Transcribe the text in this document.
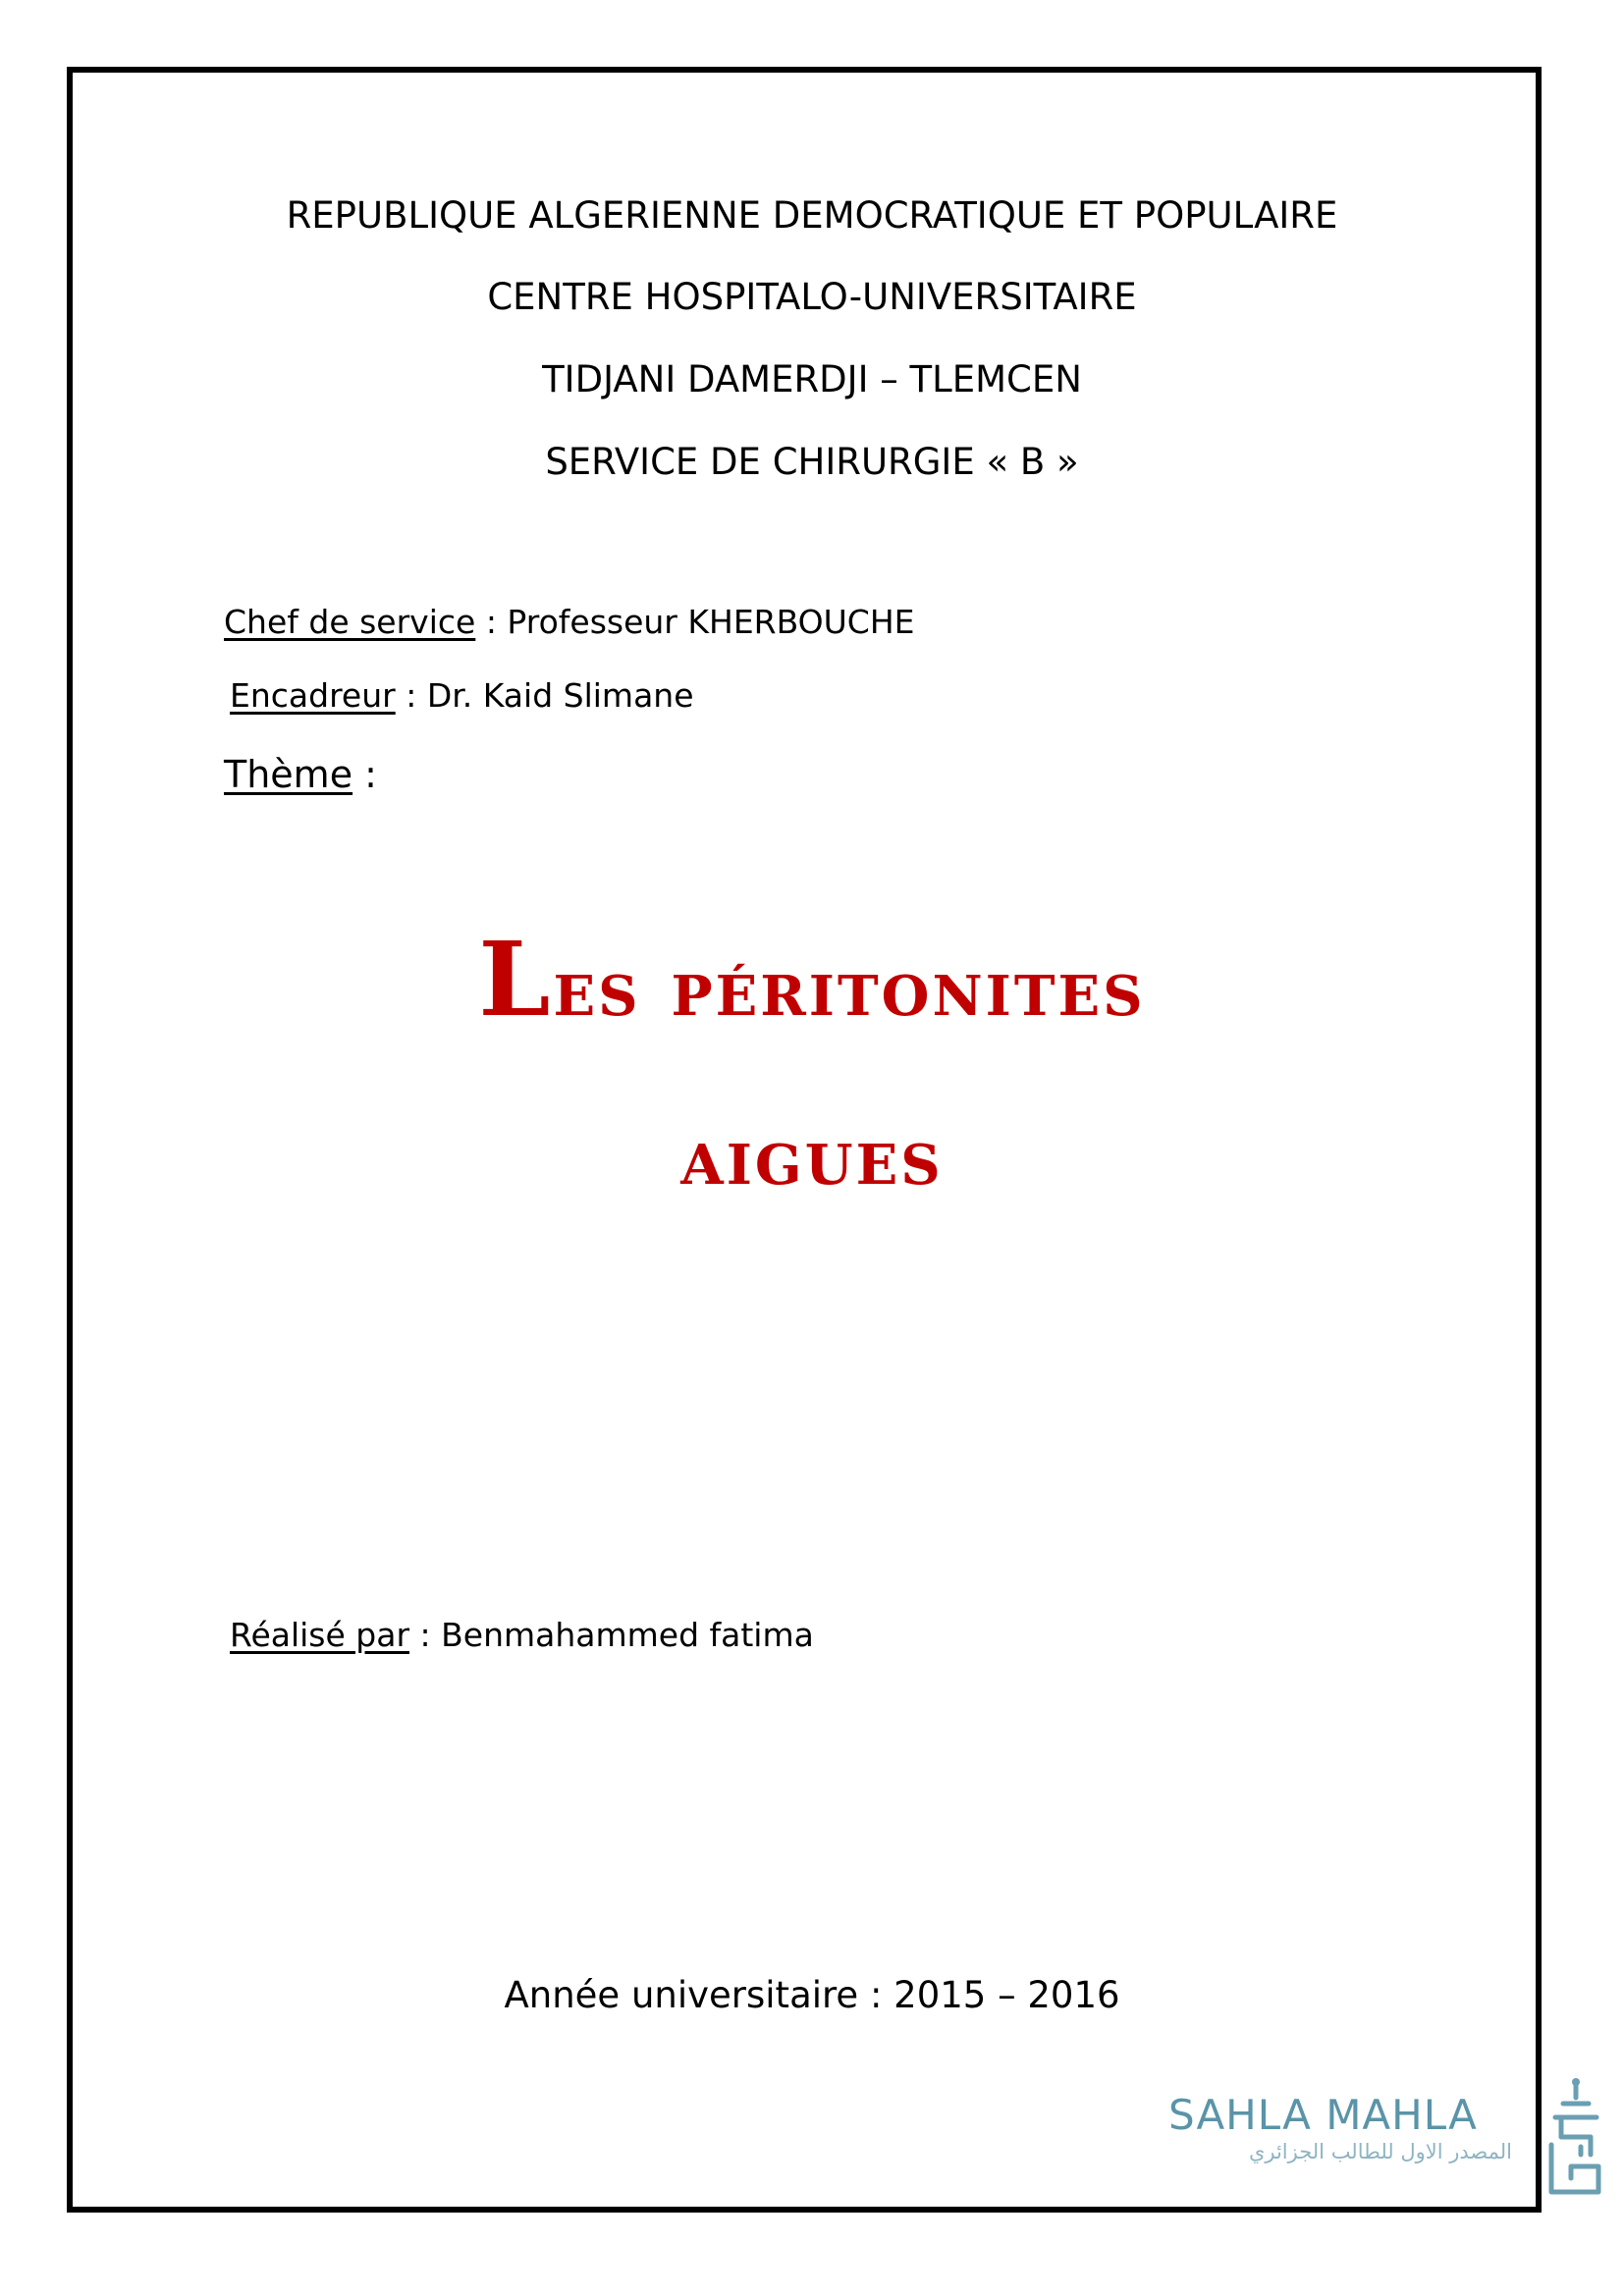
REPUBLIQUE ALGERIENNE DEMOCRATIQUE ET POPULAIRE
CENTRE HOSPITALO-UNIVERSITAIRE
TIDJANI DAMERDJI – TLEMCEN
SERVICE DE CHIRURGIE « B »
Chef de service : Professeur KHERBOUCHE
Encadreur : Dr. Kaid Slimane
Thème :
Les péritonites
aigues
Réalisé par : Benmahammed fatima
Année universitaire : 2015 – 2016
SAHLA MAHLA
المصدر الاول للطالب الجزائري
